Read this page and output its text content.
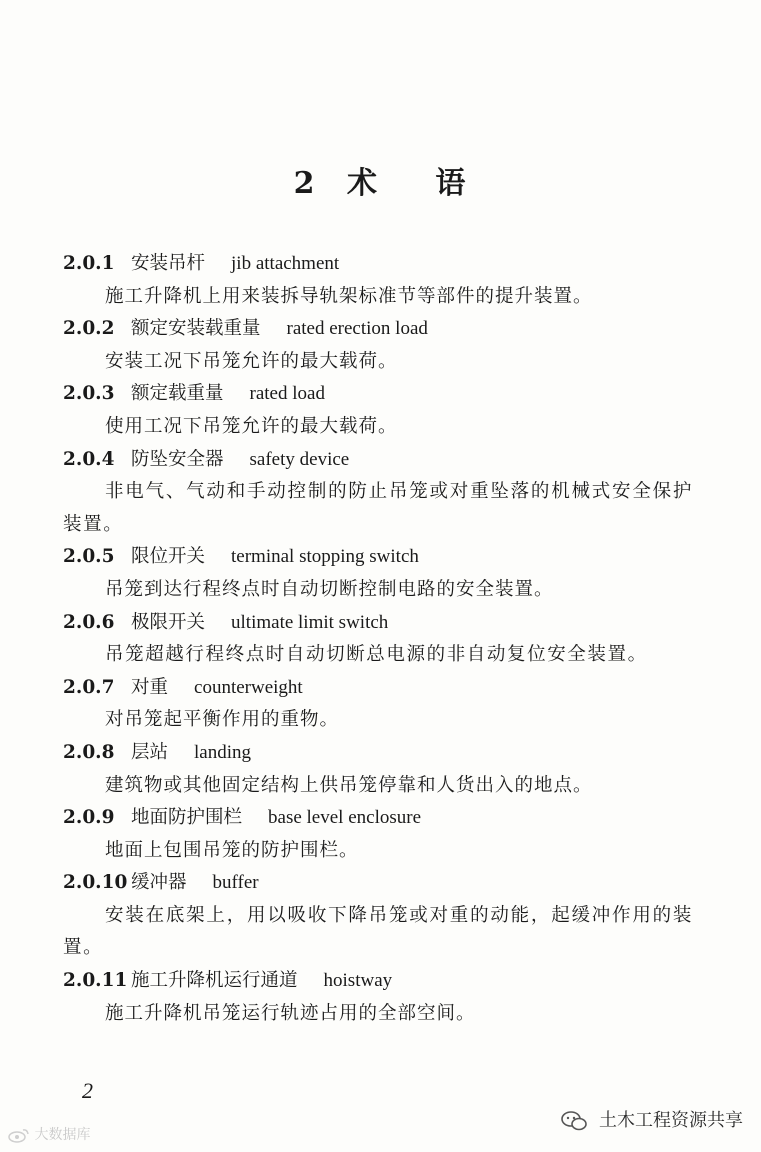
2 术 语
2.0.1 安装吊杆 jib attachment
施工升降机上用来装拆导轨架标准节等部件的提升装置。
2.0.2 额定安装载重量 rated erection load
安装工况下吊笼允许的最大载荷。
2.0.3 额定载重量 rated load
使用工况下吊笼允许的最大载荷。
2.0.4 防坠安全器 safety device
非电气、气动和手动控制的防止吊笼或对重坠落的机械式安全保护装置。
2.0.5 限位开关 terminal stopping switch
吊笼到达行程终点时自动切断控制电路的安全装置。
2.0.6 极限开关 ultimate limit switch
吊笼超越行程终点时自动切断总电源的非自动复位安全装置。
2.0.7 对重 counterweight
对吊笼起平衡作用的重物。
2.0.8 层站 landing
建筑物或其他固定结构上供吊笼停靠和人货出入的地点。
2.0.9 地面防护围栏 base level enclosure
地面上包围吊笼的防护围栏。
2.0.10 缓冲器 buffer
安装在底架上，用以吸收下降吊笼或对重的动能，起缓冲作用的装置。
2.0.11 施工升降机运行通道 hoistway
施工升降机吊笼运行轨迹占用的全部空间。
2
大数据库
土木工程资源共享
